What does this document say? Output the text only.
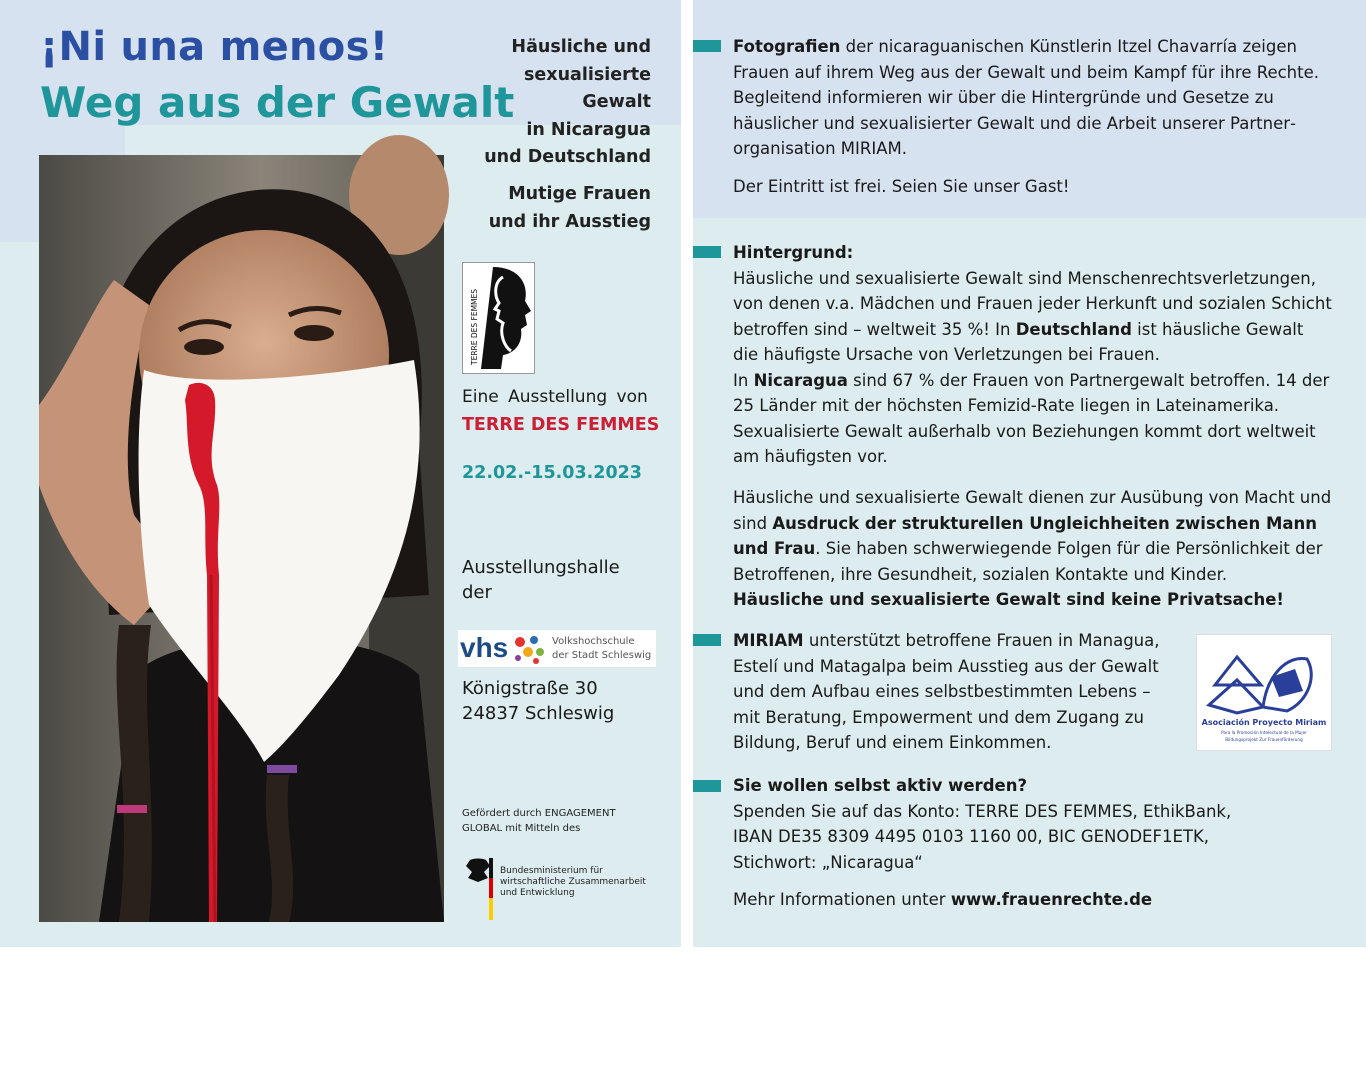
¡Ni una menos!
Weg aus der Gewalt
Häusliche und
sexualisierte
Gewalt
in Nicaragua
und Deutschland
Mutige Frauen
und ihr Ausstieg
© Jorge Mejía Peralta
TERRE DES FEMMES
Eine Ausstellung von
TERRE DES FEMMES
22.02.-15.03.2023
Ausstellungshalle
der
vhs	Volkshochschule
der Stadt Schleswig
Königstraße 30
24837 Schleswig
Gefördert durch ENGAGEMENT
GLOBAL mit Mitteln des
Bundesministerium für
wirtschaftliche Zusammenarbeit
und Entwicklung

Fotografien der nicaraguanischen Künstlerin Itzel Chavarría zeigen Frauen auf ihrem Weg aus der Gewalt und beim Kampf für ihre Rechte. Begleitend informieren wir über die Hintergründe und Gesetze zu häuslicher und sexualisierter Gewalt und die Arbeit unserer Partnerorganisation MIRIAM.

Der Eintritt ist frei. Seien Sie unser Gast!

Hintergrund:

Häusliche und sexualisierte Gewalt sind Menschenrechtsverletzungen, von denen v.a. Mädchen und Frauen jeder Herkunft und sozialen Schicht betroffen sind – weltweit 35 %! In Deutschland ist häusliche Gewalt die häufigste Ursache von Verletzungen bei Frauen.

In Nicaragua sind 67 % der Frauen von Partnergewalt betroffen. 14 der 25 Länder mit der höchsten Femizid-Rate liegen in Lateinamerika. Sexualisierte Gewalt außerhalb von Beziehungen kommt dort weltweit am häufigsten vor.

Häusliche und sexualisierte Gewalt dienen zur Ausübung von Macht und sind Ausdruck der strukturellen Ungleichheiten zwischen Mann und Frau. Sie haben schwerwiegende Folgen für die Persönlichkeit der Betroffenen, ihre Gesundheit, sozialen Kontakte und Kinder.

Häusliche und sexualisierte Gewalt sind keine Privatsache!

MIRIAM unterstützt betroffene Frauen in Managua, Estelí und Matagalpa beim Ausstieg aus der Gewalt und dem Aufbau eines selbstbestimmten Lebens – mit Beratung, Empowerment und dem Zugang zu Bildung, Beruf und einem Einkommen.

Asociación Proyecto Miriam
Para la Promoción Intelectual de la Mujer
Bildungsprojekt Zur Frauenförderung

Sie wollen selbst aktiv werden?

Spenden Sie auf das Konto: TERRE DES FEMMES, EthikBank,

IBAN DE35 8309 4495 0103 1160 00, BIC GENODEF1ETK,

Stichwort: „Nicaragua“

Mehr Informationen unter www.frauenrechte.de
